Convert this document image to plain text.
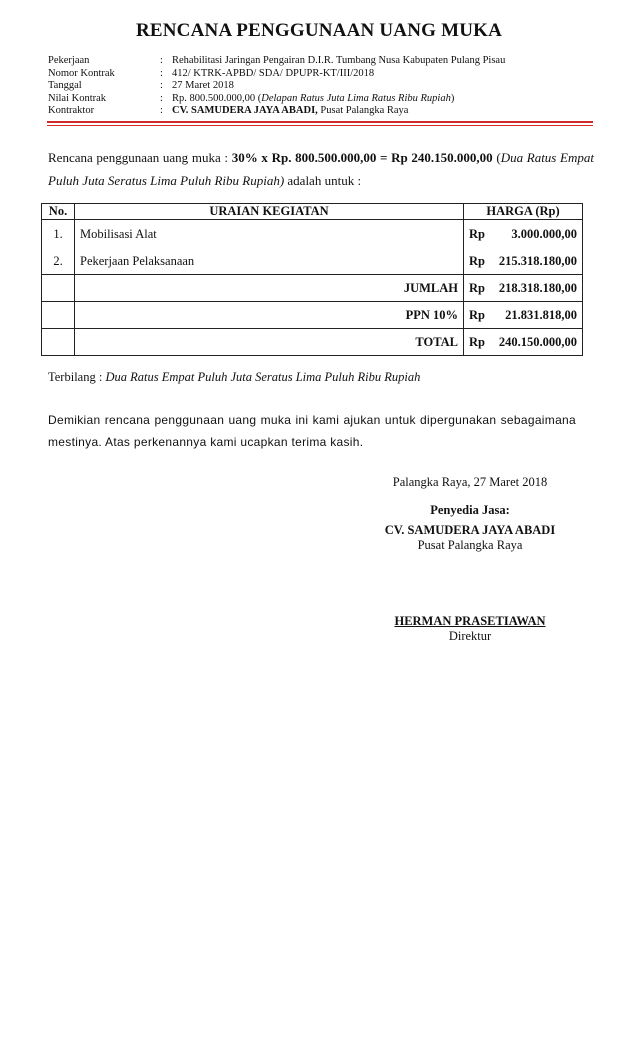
RENCANA PENGGUNAAN UANG MUKA
Pekerjaan	: Rehabilitasi Jaringan Pengairan D.I.R. Tumbang Nusa Kabupaten Pulang Pisau
Nomor Kontrak	: 412/ KTRK-APBD/ SDA/ DPUPR-KT/III/2018
Tanggal	: 27 Maret 2018
Nilai Kontrak	: Rp. 800.500.000,00 (Delapan Ratus Juta Lima Ratus Ribu Rupiah)
Kontraktor	: CV. SAMUDERA JAYA ABADI, Pusat Palangka Raya
Rencana penggunaan uang muka : 30% x Rp. 800.500.000,00 = Rp 240.150.000,00 (Dua Ratus Empat Puluh Juta Seratus Lima Puluh Ribu Rupiah) adalah untuk :
No.	URAIAN KEGIATAN	HARGA (Rp)
1.	Mobilisasi Alat	Rp 3.000.000,00

2.	Pekerjaan Pelaksanaan	Rp 215.318.180,00

	JUMLAH	Rp 218.318.180,00

	PPN 10%	Rp 21.831.818,00

	TOTAL	Rp 240.150.000,00
Terbilang : Dua Ratus Empat Puluh Juta Seratus Lima Puluh Ribu Rupiah
Demikian rencana penggunaan uang muka ini kami ajukan untuk dipergunakan sebagaimana mestinya. Atas perkenannya kami ucapkan terima kasih.
Palangka Raya, 27 Maret 2018
Penyedia Jasa:
CV. SAMUDERA JAYA ABADI
Pusat Palangka Raya
HERMAN PRASETIAWAN
Direktur
